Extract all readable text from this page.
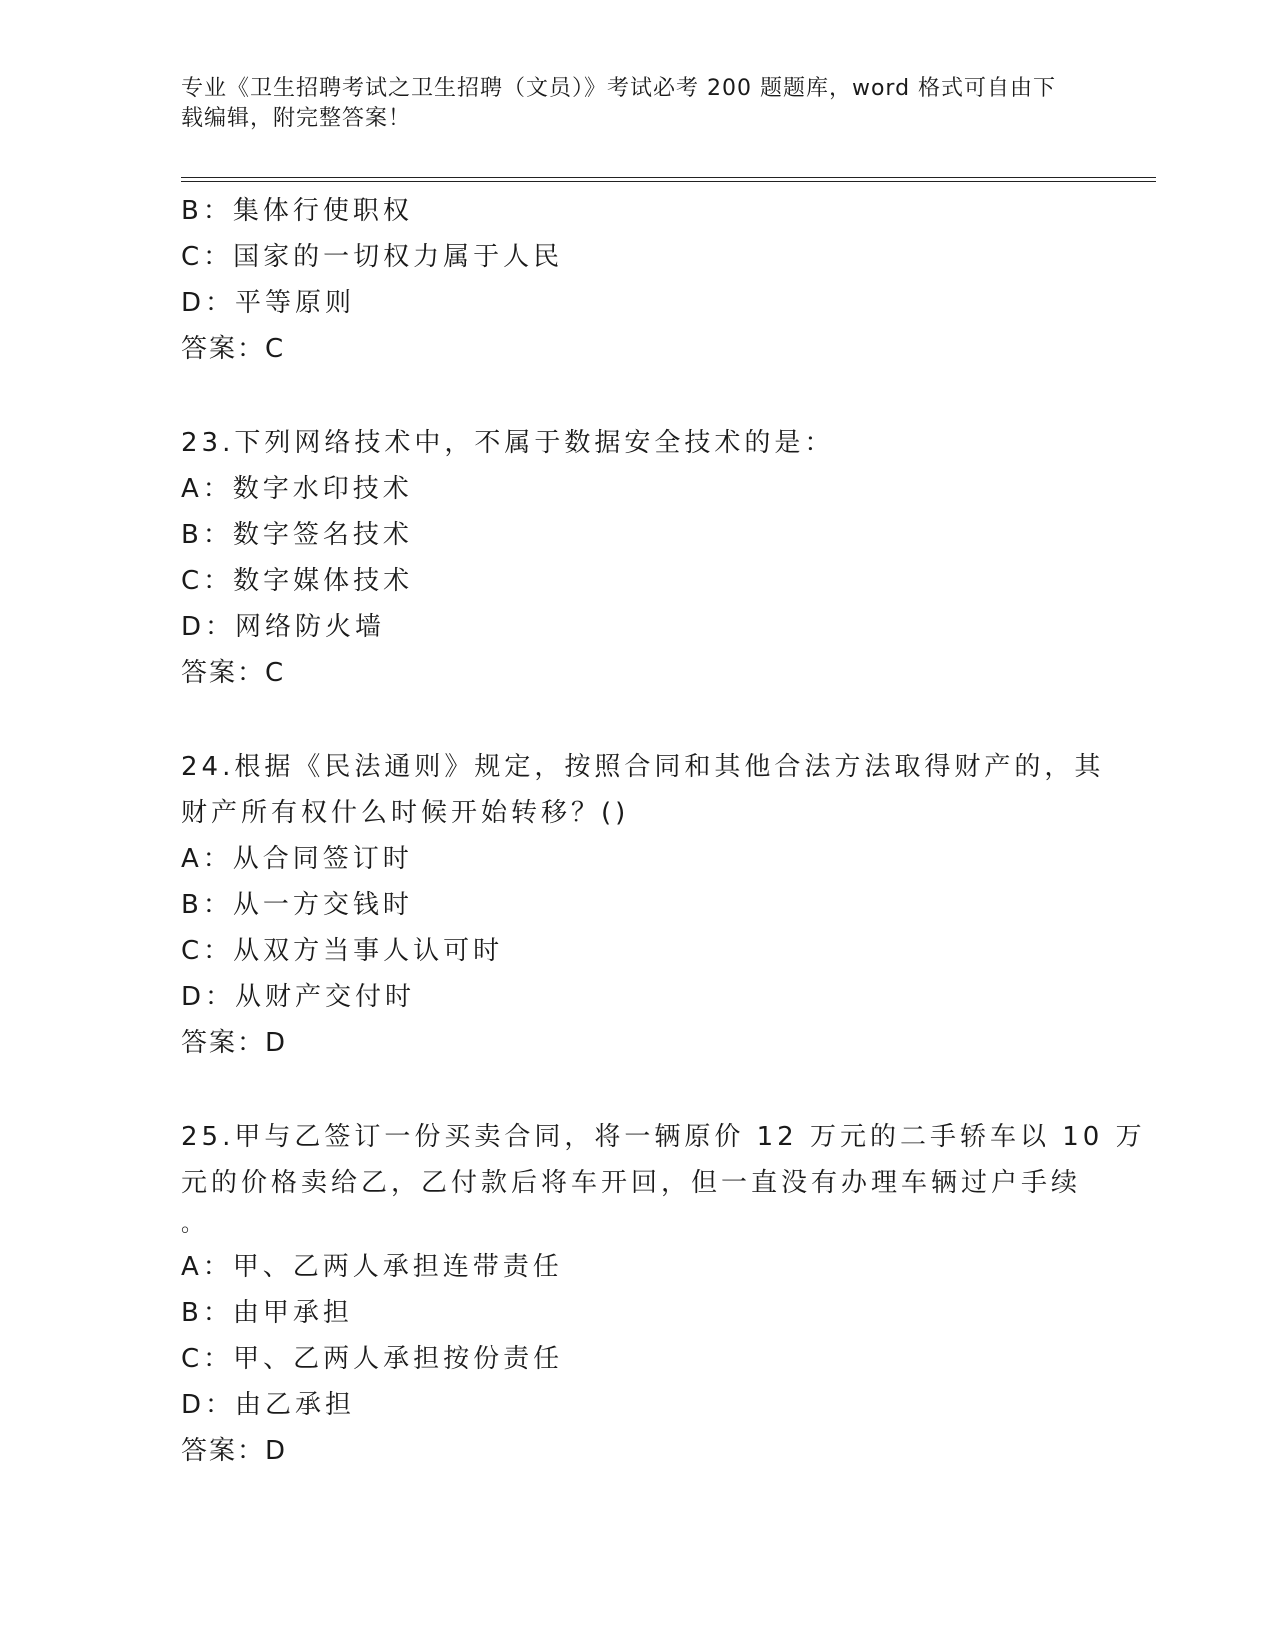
专业《卫生招聘考试之卫生招聘（文员）》考试必考 200 题题库，word 格式可自由下载编辑，附完整答案！
B：集体行使职权
C：国家的一切权力属于人民
D：平等原则
答案：C
23.下列网络技术中，不属于数据安全技术的是：
A：数字水印技术
B：数字签名技术
C：数字媒体技术
D：网络防火墙
答案：C
24.根据《民法通则》规定，按照合同和其他合法方法取得财产的，其
财产所有权什么时候开始转移？()
A：从合同签订时
B：从一方交钱时
C：从双方当事人认可时
D：从财产交付时
答案：D
25.甲与乙签订一份买卖合同，将一辆原价 12 万元的二手轿车以 10 万
元的价格卖给乙，乙付款后将车开回，但一直没有办理车辆过户手续
。
A：甲、乙两人承担连带责任
B：由甲承担
C：甲、乙两人承担按份责任
D：由乙承担
答案：D
